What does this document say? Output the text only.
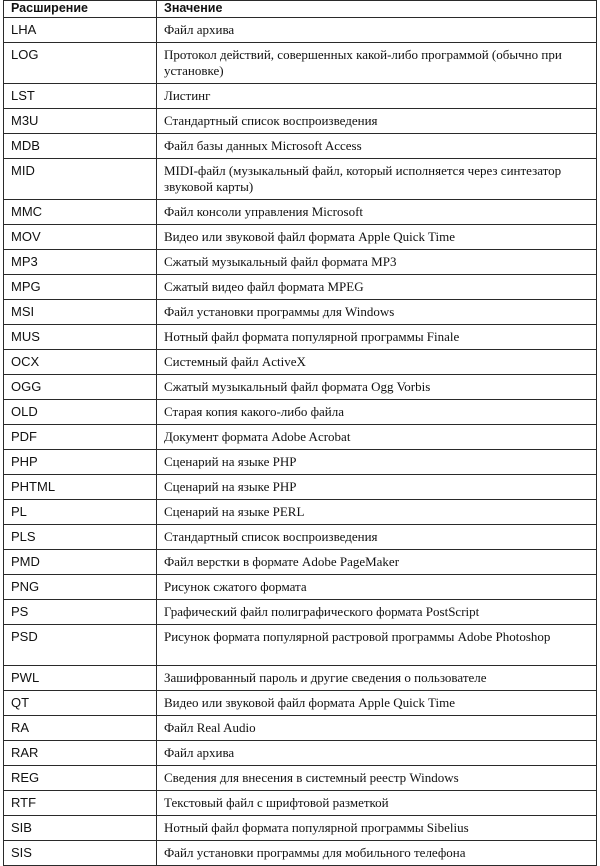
Расширение	Значение
LHA	Файл архива
LOG	Протокол действий, совершенных какой-либо программой (обычно при установке)
LST	Листинг
M3U	Стандартный список воспроизведения
MDB	Файл базы данных Microsoft Access
MID	MIDI-файл (музыкальный файл, который исполняется через синтезатор звуковой карты)
MMC	Файл консоли управления Microsoft
MOV	Видео или звуковой файл формата Apple Quick Time
MP3	Сжатый музыкальный файл формата MP3
MPG	Сжатый видео файл формата MPEG
MSI	Файл установки программы для Windows
MUS	Нотный файл формата популярной программы Finale
OCX	Системный файл ActiveX
OGG	Сжатый музыкальный файл формата Ogg Vorbis
OLD	Старая копия какого-либо файла
PDF	Документ формата Adobe Acrobat
PHP	Сценарий на языке PHP
PHTML	Сценарий на языке PHP
PL	Сценарий на языке PERL
PLS	Стандартный список воспроизведения
PMD	Файл верстки в формате Adobe PageMaker
PNG	Рисунок сжатого формата
PS	Графический файл полиграфического формата PostScript
PSD	Рисунок формата популярной растровой программы Adobe Photoshop
PWL	Зашифрованный пароль и другие сведения о пользователе
QT	Видео или звуковой файл формата Apple Quick Time
RA	Файл Real Audio
RAR	Файл архива
REG	Сведения для внесения в системный реестр Windows
RTF	Текстовый файл с шрифтовой разметкой
SIB	Нотный файл формата популярной программы Sibelius
SIS	Файл установки программы для мобильного телефона
